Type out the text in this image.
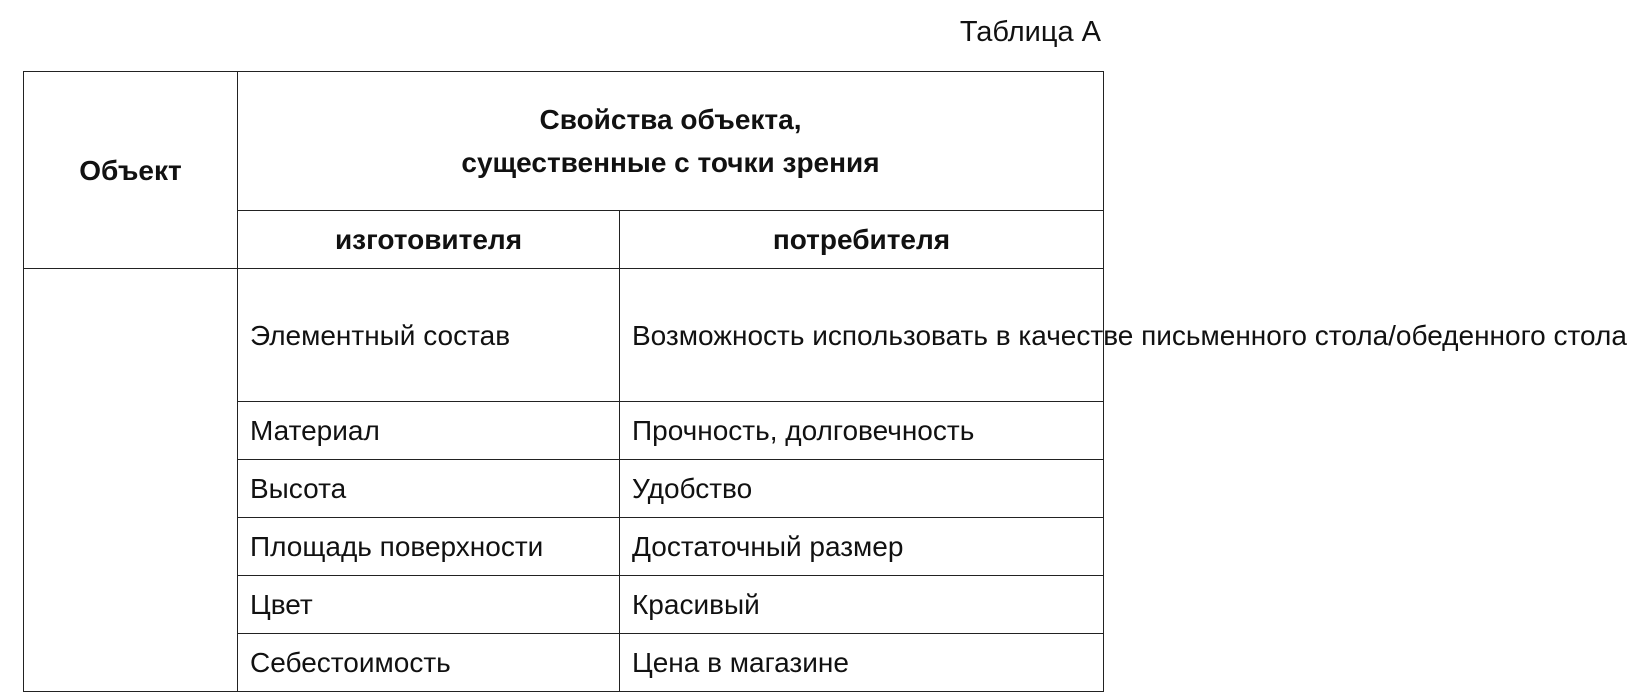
Таблица А
Объект	Свойства объекта,
существенные с точки зрения	

	изготовителя	потребителя
	Элементный состав	Возможность использовать в качестве письменного стола/обеденного стола
	Материал	Прочность, долговечность
	Высота	Удобство
	Площадь поверхности	Достаточный размер
	Цвет	Красивый
	Себестоимость	Цена в магазине
